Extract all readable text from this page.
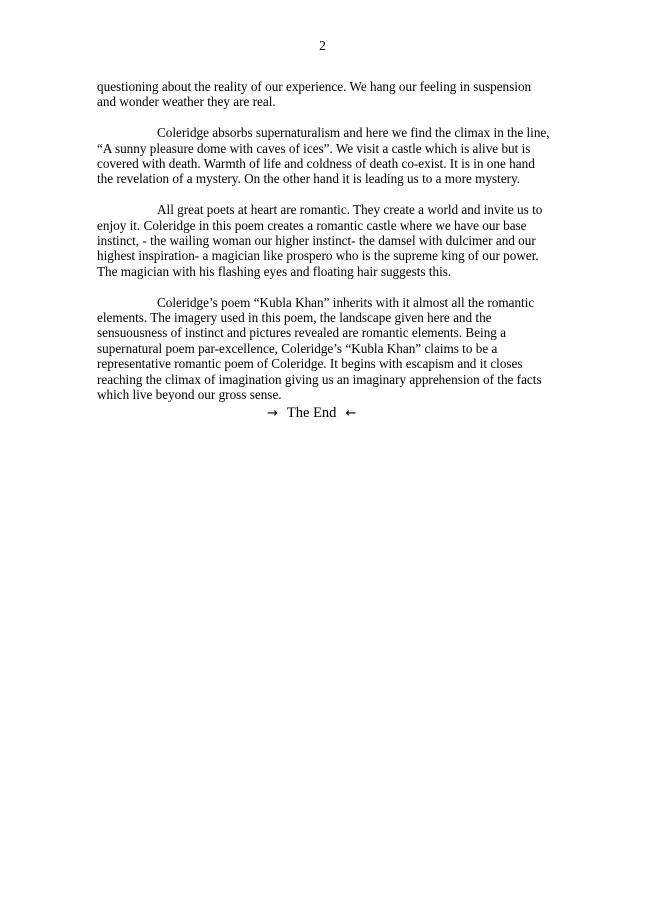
2

questioning about the reality of our experience. We hang our feeling in suspension
and wonder weather they are real.

Coleridge absorbs supernaturalism and here we find the climax in the line,
“A sunny pleasure dome with caves of ices”. We visit a castle which is alive but is
covered with death. Warmth of life and coldness of death co-exist. It is in one hand
the revelation of a mystery. On the other hand it is leading us to a more mystery.

All great poets at heart are romantic. They create a world and invite us to
enjoy it. Coleridge in this poem creates a romantic castle where we have our base
instinct, - the wailing woman our higher instinct- the damsel with dulcimer and our
highest inspiration- a magician like prospero who is the supreme king of our power.
The magician with his flashing eyes and floating hair suggests this.

Coleridge’s poem “Kubla Khan” inherits with it almost all the romantic
elements. The imagery used in this poem, the landscape given here and the
sensuousness of instinct and pictures revealed are romantic elements. Being a
supernatural poem par-excellence, Coleridge’s “Kubla Khan” claims to be a
representative romantic poem of Coleridge. It begins with escapism and it closes
reaching the climax of imagination giving us an imaginary apprehension of the facts
which live beyond our gross sense.

→ The End ←
